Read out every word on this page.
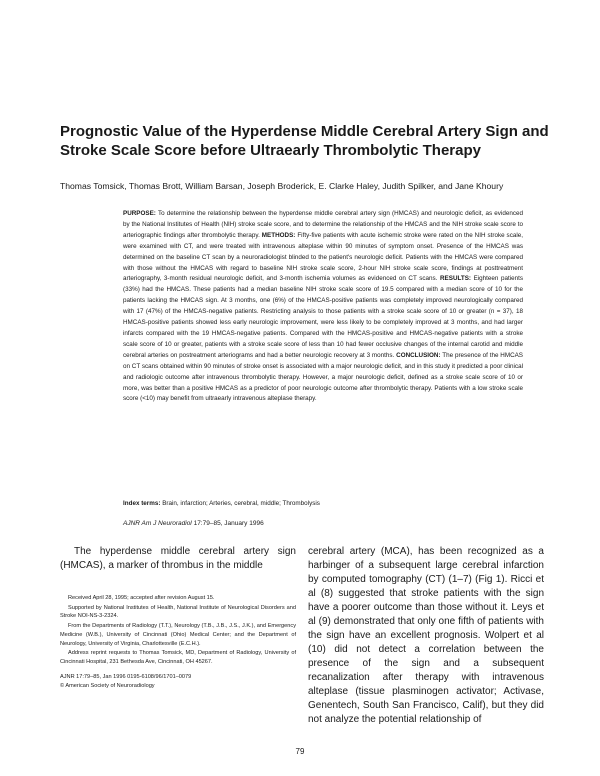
Prognostic Value of the Hyperdense Middle Cerebral Artery Sign and
Stroke Scale Score before Ultraearly Thrombolytic Therapy

Thomas Tomsick, Thomas Brott, William Barsan, Joseph Broderick, E. Clarke Haley, Judith Spilker, and Jane Khoury

PURPOSE: To determine the relationship between the hyperdense middle cerebral artery sign (HMCAS) and neurologic deficit, as evidenced by the National Institutes of Health (NIH) stroke scale score, and to determine the relationship of the HMCAS and the NIH stroke scale score to arteriographic findings after thrombolytic therapy. METHODS: Fifty-five patients with acute ischemic stroke were rated on the NIH stroke scale, were examined with CT, and were treated with intravenous alteplase within 90 minutes of symptom onset. Presence of the HMCAS was determined on the baseline CT scan by a neuroradiologist blinded to the patient's neurologic deficit. Patients with the HMCAS were compared with those without the HMCAS with regard to baseline NIH stroke scale score, 2-hour NIH stroke scale score, findings at posttreatment arteriography, 3-month residual neurologic deficit, and 3-month ischemia volumes as evidenced on CT scans. RESULTS: Eighteen patients (33%) had the HMCAS. These patients had a median baseline NIH stroke scale score of 19.5 compared with a median score of 10 for the patients lacking the HMCAS sign. At 3 months, one (6%) of the HMCAS-positive patients was completely improved neurologically compared with 17 (47%) of the HMCAS-negative patients. Restricting analysis to those patients with a stroke scale score of 10 or greater (n = 37), 18 HMCAS-positive patients showed less early neurologic improvement, were less likely to be completely improved at 3 months, and had larger infarcts compared with the 19 HMCAS-negative patients. Compared with the HMCAS-positive and HMCAS-negative patients with a stroke scale score of 10 or greater, patients with a stroke scale score of less than 10 had fewer occlusive changes of the internal carotid and middle cerebral arteries on postreatment arteriograms and had a better neurologic recovery at 3 months. CONCLUSION: The presence of the HMCAS on CT scans obtained within 90 minutes of stroke onset is associated with a major neurologic deficit, and in this study it predicted a poor clinical and radiologic outcome after intravenous thrombolytic therapy. However, a major neurologic deficit, defined as a stroke scale score of 10 or more, was better than a positive HMCAS as a predictor of poor neurologic outcome after thrombolytic therapy. Patients with a low stroke scale score (<10) may benefit from ultraearly intravenous alteplase therapy.

Index terms: Brain, infarction; Arteries, cerebral, middle; Thrombolysis

AJNR Am J Neuroradiol 17:79–85, January 1996

The hyperdense middle cerebral artery sign (HMCAS), a marker of thrombus in the middle

Received April 28, 1995; accepted after revision August 15.

Supported by National Institutes of Health, National Institute of Neurological Disorders and Stroke NOI-NS-3-2324.

From the Departments of Radiology (T.T.), Neurology (T.B., J.B., J.S., J.K.), and Emergency Medicine (W.B.), University of Cincinnati (Ohio) Medical Center; and the Department of Neurology, University of Virginia, Charlottesville (E.C.H.).

Address reprint requests to Thomas Tomsick, MD, Department of Radiology, University of Cincinnati Hospital, 231 Bethesda Ave, Cincinnati, OH 45267.

AJNR 17:79–85, Jan 1996 0195-6108/96/1701–0079

© American Society of Neuroradiology

cerebral artery (MCA), has been recognized as a harbinger of a subsequent large cerebral infarction by computed tomography (CT) (1–7) (Fig 1). Ricci et al (8) suggested that stroke patients with the sign have a poorer outcome than those without it. Leys et al (9) demonstrated that only one fifth of patients with the sign have an excellent prognosis. Wolpert et al (10) did not detect a correlation between the presence of the sign and a subsequent recanalization after therapy with intravenous alteplase (tissue plasminogen activator; Activase, Genentech, South San Francisco, Calif), but they did not analyze the potential relationship of

79
